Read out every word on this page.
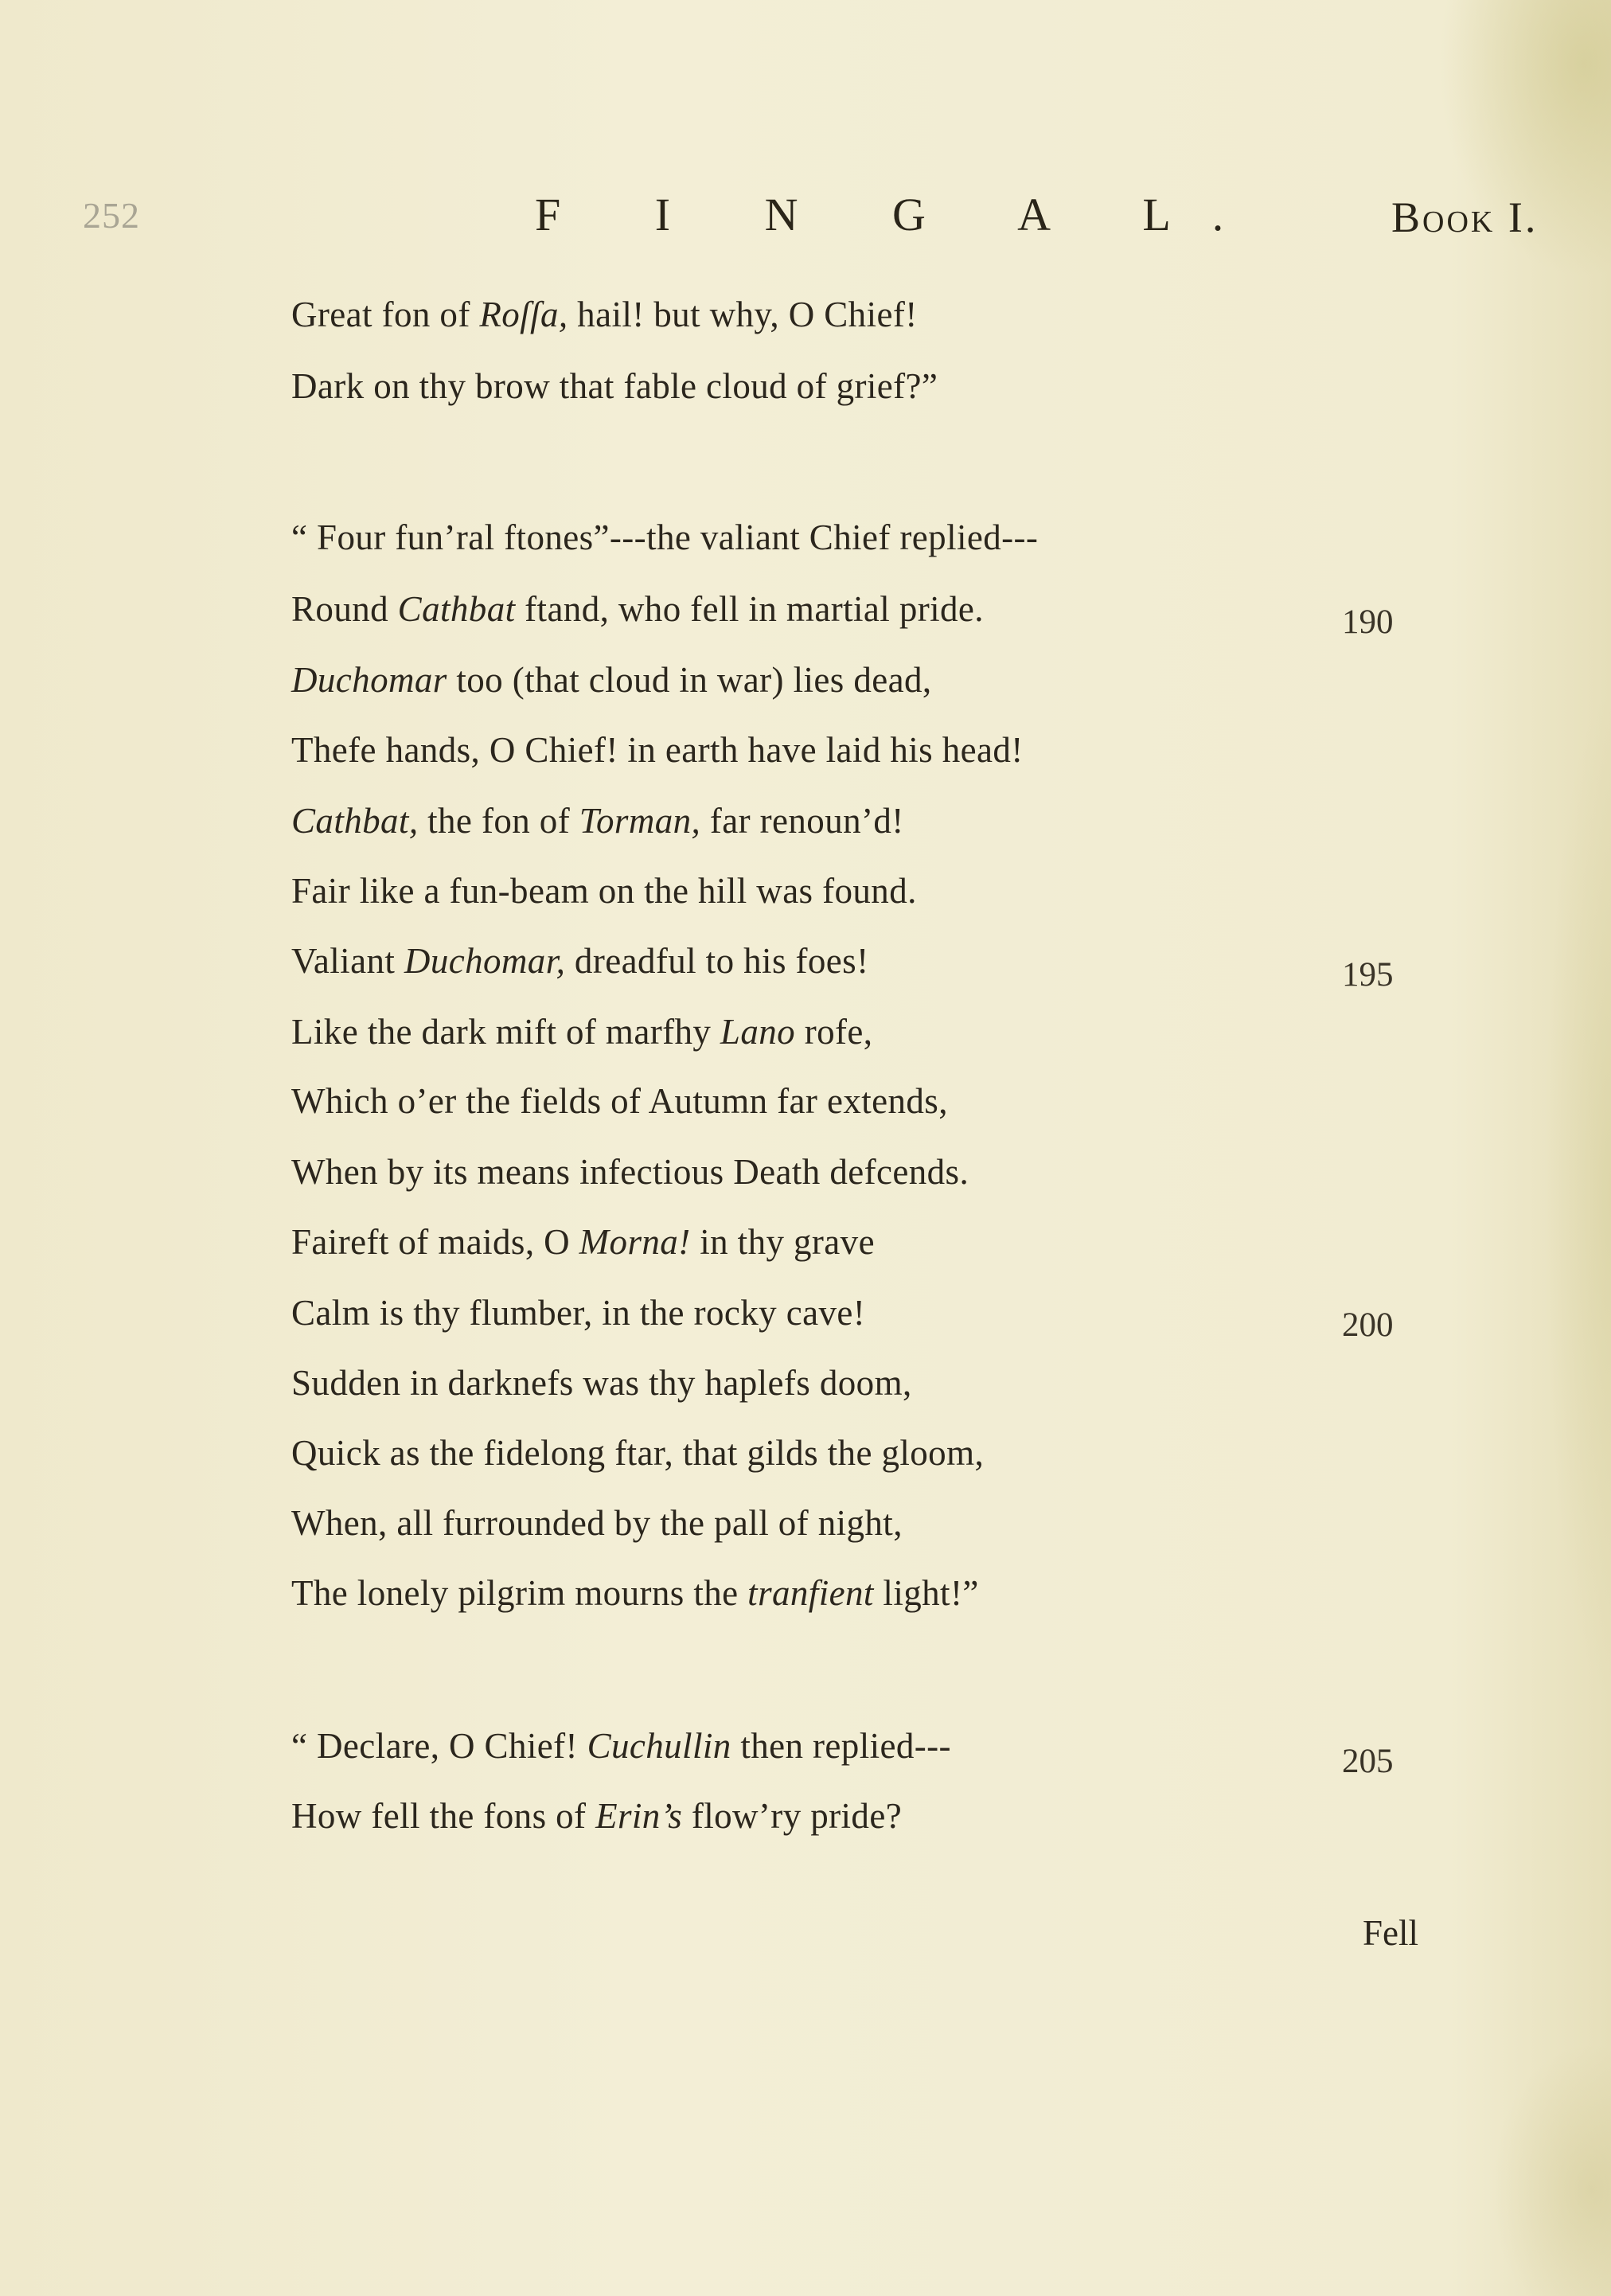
252	F I N G A L.	Book I.
Great fon of Roſſa, hail! but why, O Chief!
Dark on thy brow that fable cloud of grief?”
“ Four fun’ral ftones”---the valiant Chief replied---
Round Cathbat ftand, who fell in martial pride.
Duchomar too (that cloud in war) lies dead,
Thefe hands, O Chief! in earth have laid his head!
Cathbat, the fon of Torman, far renoun’d!
Fair like a fun-beam on the hill was found.
Valiant Duchomar, dreadful to his foes!
Like the dark mift of marfhy Lano rofe,
Which o’er the fields of Autumn far extends,
When by its means infectious Death defcends.
Faireft of maids, O Morna! in thy grave
Calm is thy flumber, in the rocky cave!
Sudden in darknefs was thy haplefs doom,
Quick as the fidelong ftar, that gilds the gloom,
When, all furrounded by the pall of night,
The lonely pilgrim mourns the tranfient light!”
“ Declare, O Chief! Cuchullin then replied---
How fell the fons of Erin’s flow’ry pride?
190
195
200
205
Fell
